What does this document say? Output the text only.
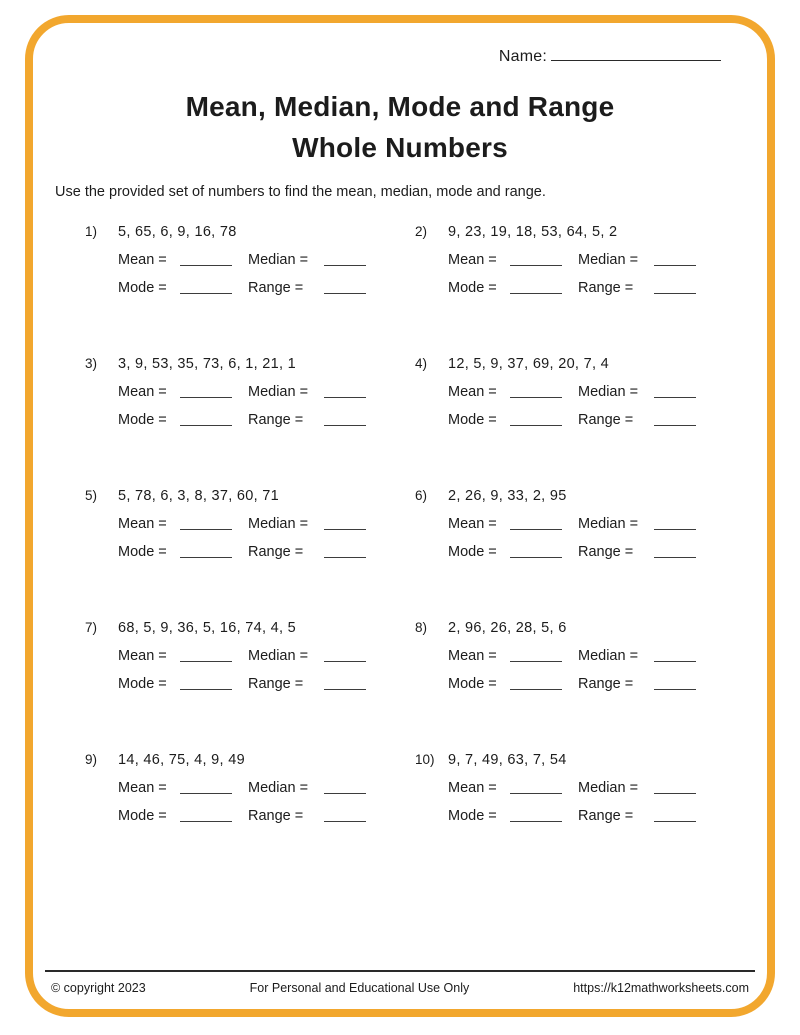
Name:
Mean, Median, Mode and Range
Whole Numbers
Use the provided set of numbers to find the mean, median, mode and range.
1)	5, 65, 6, 9, 16, 78
Mean =	Median =
Mode =	Range =
2)	9, 23, 19, 18, 53, 64, 5, 2
Mean =	Median =
Mode =	Range =
3)	3, 9, 53, 35, 73, 6, 1, 21, 1
Mean =	Median =
Mode =	Range =
4)	12, 5, 9, 37, 69, 20, 7, 4
Mean =	Median =
Mode =	Range =
5)	5, 78, 6, 3, 8, 37, 60, 71
Mean =	Median =
Mode =	Range =
6)	2, 26, 9, 33, 2, 95
Mean =	Median =
Mode =	Range =
7)	68, 5, 9, 36, 5, 16, 74, 4, 5
Mean =	Median =
Mode =	Range =
8)	2, 96, 26, 28, 5, 6
Mean =	Median =
Mode =	Range =
9)	14, 46, 75, 4, 9, 49
Mean =	Median =
Mode =	Range =
10) 9, 7, 49, 63, 7, 54
Mean =	Median =
Mode =	Range =
© copyright 2023	For Personal and Educational Use Only	https://k12mathworksheets.com
